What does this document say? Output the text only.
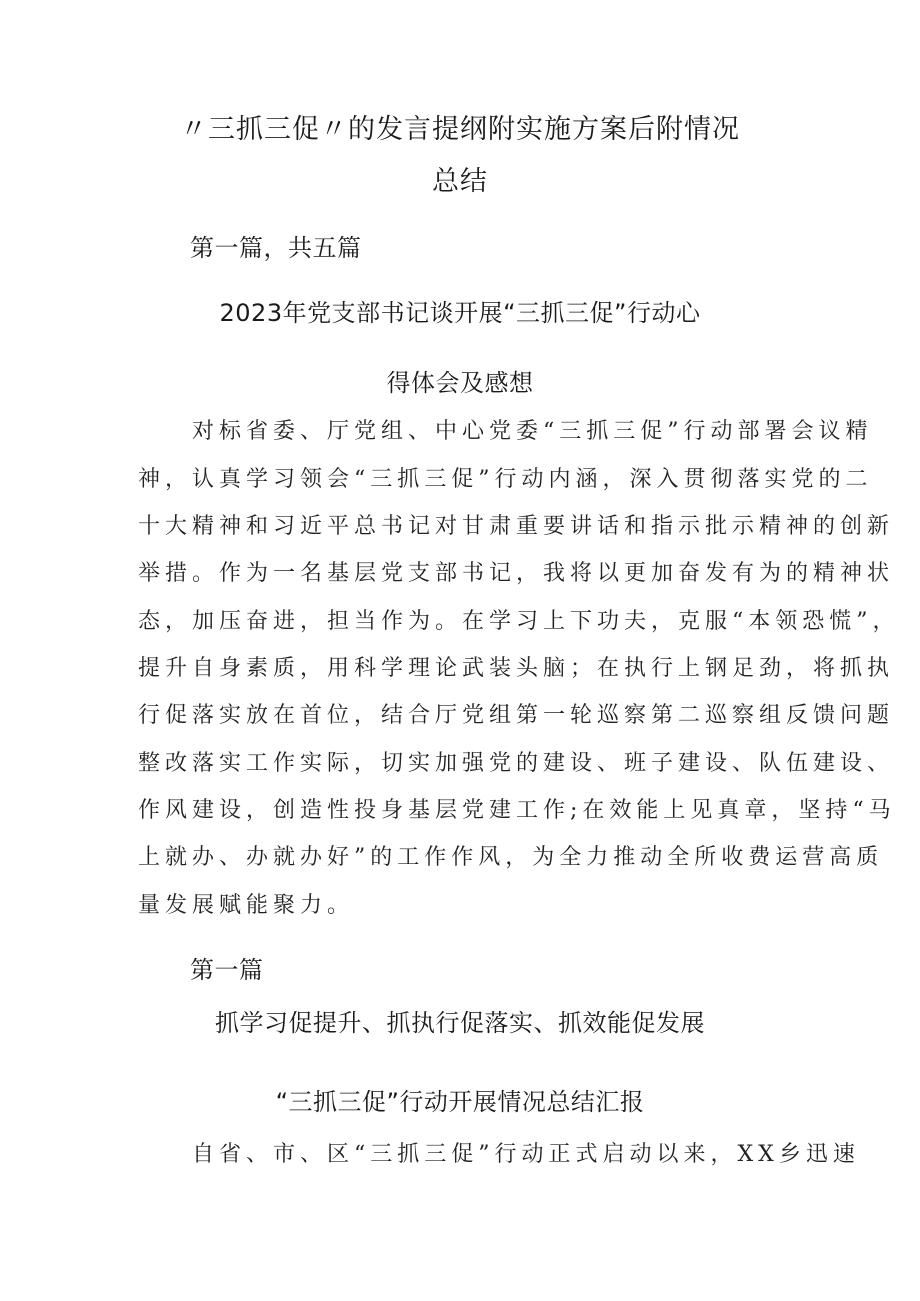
〃三抓三促〃的发言提纲附实施方案后附情况
总结
第一篇，共五篇
2023年党支部书记谈开展“三抓三促”行动心
得体会及感想
对标省委、厅党组、中心党委“三抓三促”行动部署会议精
神，认真学习领会“三抓三促”行动内涵，深入贯彻落实党的二
十大精神和习近平总书记对甘肃重要讲话和指示批示精神的创新
举措。作为一名基层党支部书记，我将以更加奋发有为的精神状
态，加压奋进，担当作为。在学习上下功夫，克服“本领恐慌”，
提升自身素质，用科学理论武装头脑；在执行上钢足劲，将抓执
行促落实放在首位，结合厅党组第一轮巡察第二巡察组反馈问题
整改落实工作实际，切实加强党的建设、班子建设、队伍建设、
作风建设，创造性投身基层党建工作;在效能上见真章，坚持“马
上就办、办就办好”的工作作风，为全力推动全所收费运营高质
量发展赋能聚力。
第一篇
抓学习促提升、抓执行促落实、抓效能促发展
“三抓三促”行动开展情况总结汇报
自省、市、区“三抓三促”行动正式启动以来，XX乡迅速
